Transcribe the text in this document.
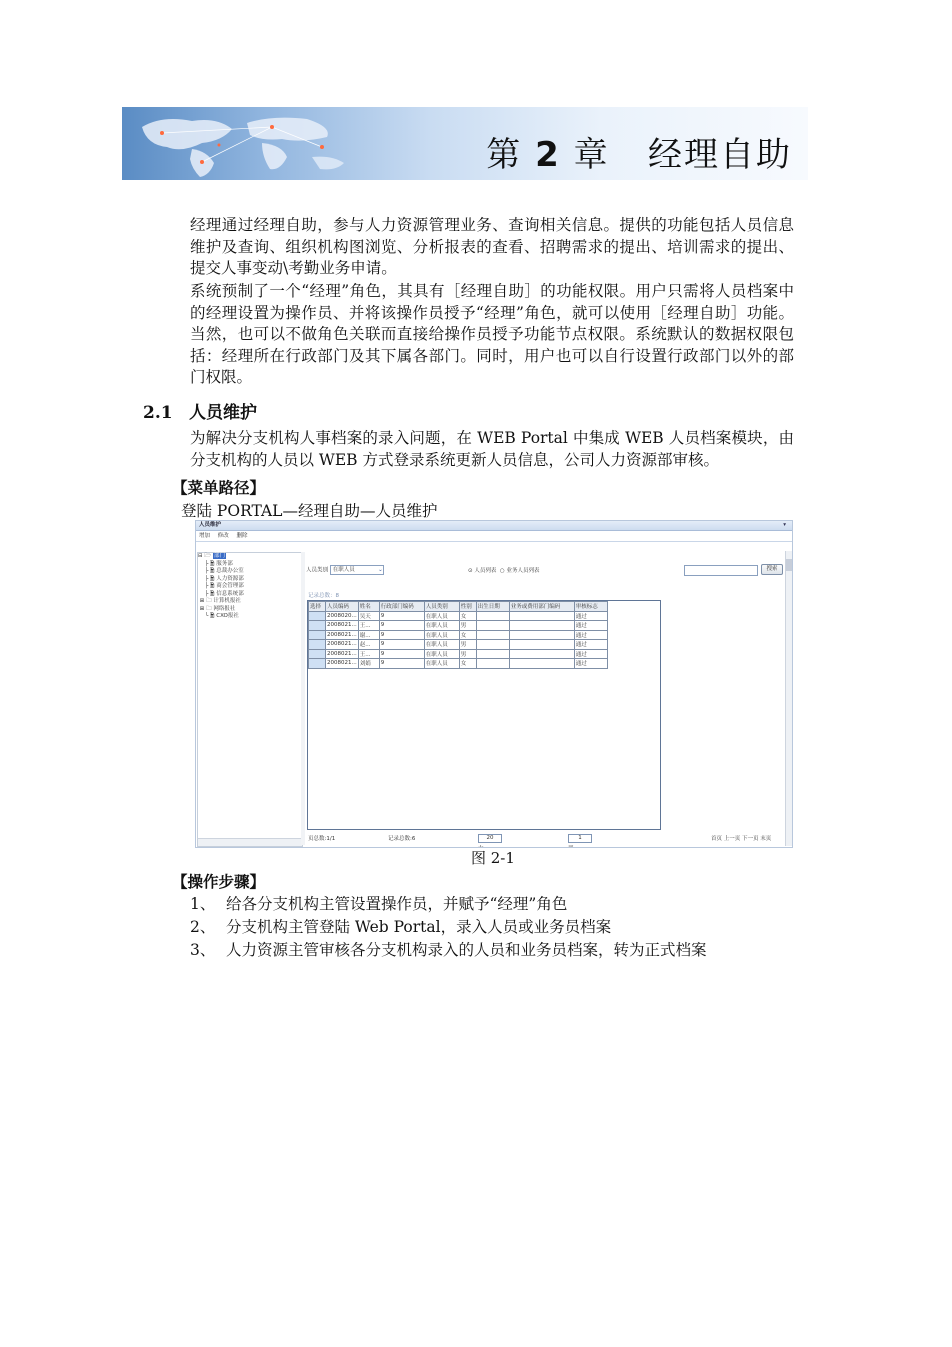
第 2 章 经理自助
经理通过经理自助，参与人力资源管理业务、查询相关信息。提供的功能包括人员信息维护及查询、组织机构图浏览、分析报表的查看、招聘需求的提出、培训需求的提出、提交人事变动\考勤业务申请。
系统预制了一个“经理”角色，其具有［经理自助］的功能权限。用户只需将人员档案中的经理设置为操作员、并将该操作员授予“经理”角色，就可以使用［经理自助］功能。当然，也可以不做角色关联而直接给操作员授予功能节点权限。系统默认的数据权限包括：经理所在行政部门及其下属各部门。同时，用户也可以自行设置行政部门以外的部门权限。
2.1 人员维护
为解决分支机构人事档案的录入问题，在 WEB Portal 中集成 WEB 人员档案模块，由分支机构的人员以 WEB 方式登录系统更新人员信息，公司人力资源部审核。
【菜单路径】
登陆 PORTAL—经理自助—人员维护
人员维护	▾
增加 修改 删除
⊟ 🗁 部门
├ 🗎 服务部
├ 🗎 总裁办公室
├ 🗎 人力资源部
├ 🗎 商会管理部
├ 🗎 信息系统部
⊞ 🗀 计算机报社
⊞ 🗀 网络报社
└ 🗎 CXO报社
人员类别 在职人员	⌄	⊙ 人员列表 ○ 业务人员列表	搜索
记录总数：8
选择	人员编码	姓名	行政部门编码	人员类别	性别	出生日期	业务或费用部门编码	审核标志
	2008020...	吴天	9	在职人员	女			通过
	2008021...	王...	9	在职人员	男			通过
	2008021...	谢...	9	在职人员	女			通过
	2008021...	赵...	9	在职人员	男			通过
	2008021...	王...	9	在职人员	男			通过
	2008021...	刘娟	9	在职人员	女			通过
页总数:1/1	记录总数:6	20	1	首页 上一页 下一页 末页
图 2-1
【操作步骤】
1、 给各分支机构主管设置操作员，并赋予“经理”角色
2、 分支机构主管登陆 Web Portal，录入人员或业务员档案
3、 人力资源主管审核各分支机构录入的人员和业务员档案，转为正式档案
